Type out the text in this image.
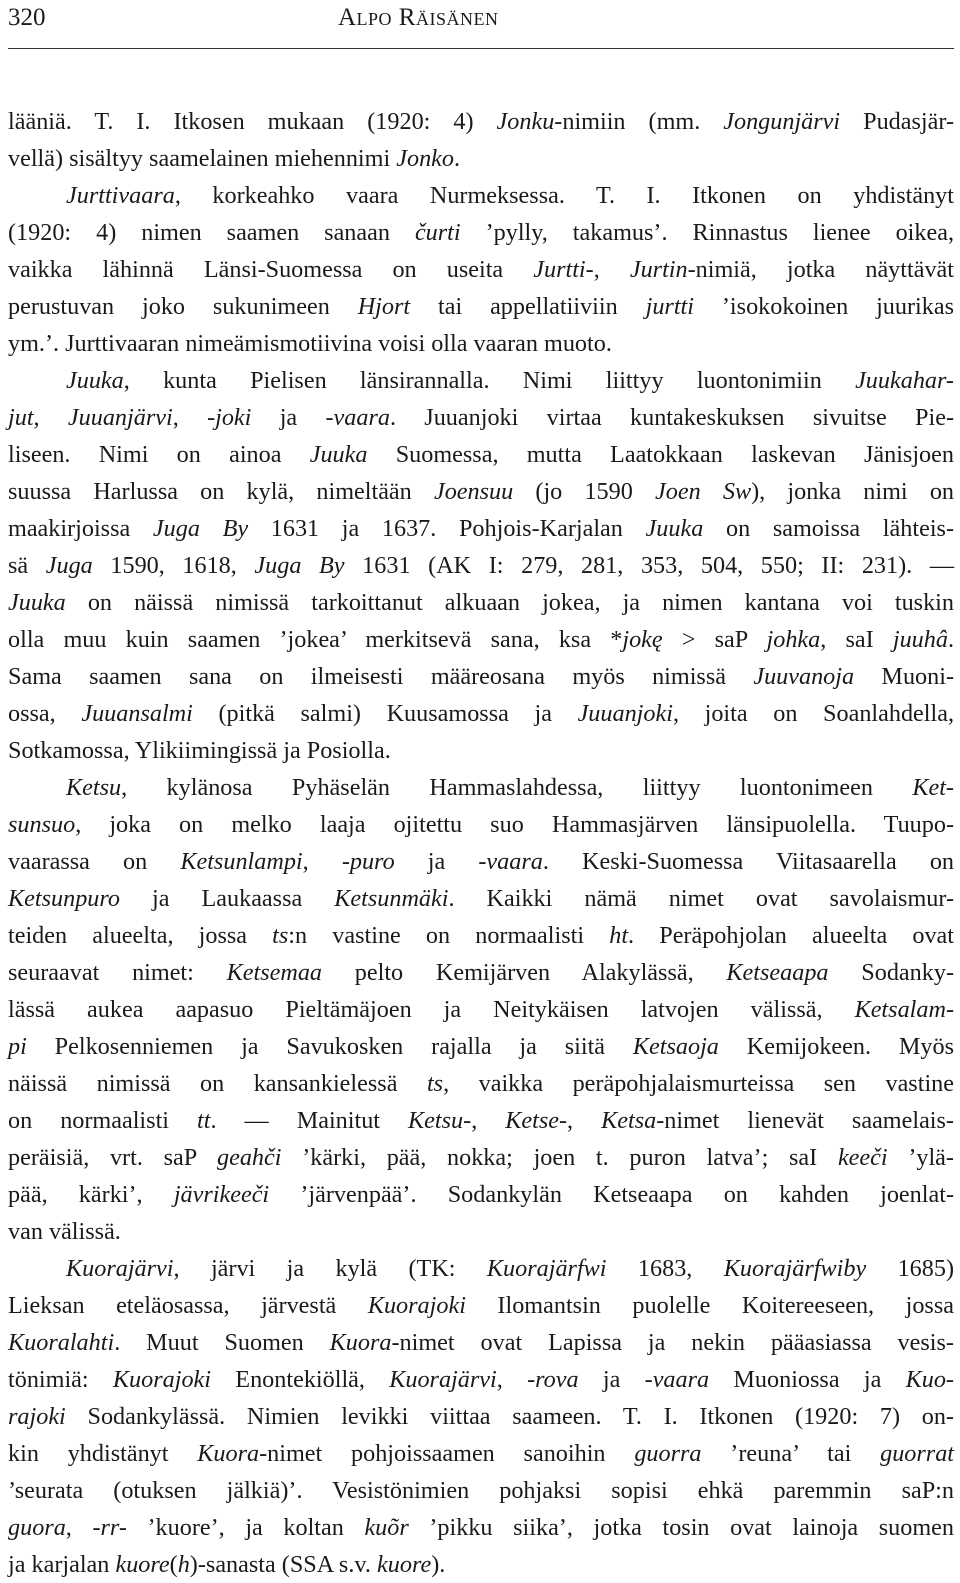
320	Alpo Räisänen
lääniä. T. I. Itkosen mukaan (1920: 4) Jonku-nimiin (mm. Jongunjärvi Pudasjär-
vellä) sisältyy saamelainen miehennimi Jonko.
Jurttivaara, korkeahko vaara Nurmeksessa. T. I. Itkonen on yhdistänyt
(1920: 4) nimen saamen sanaan čurti ’pylly, takamus’. Rinnastus lienee oikea,
vaikka lähinnä Länsi-Suomessa on useita Jurtti-, Jurtin-nimiä, jotka näyttävät
perustuvan joko sukunimeen Hjort tai appellatiiviin jurtti ’isokokoinen juurikas
ym.’. Jurttivaaran nimeämismotiivina voisi olla vaaran muoto.
Juuka, kunta Pielisen länsirannalla. Nimi liittyy luontonimiin Juukahar-
jut, Juuanjärvi, -joki ja -vaara. Juuanjoki virtaa kuntakeskuksen sivuitse Pie-
liseen. Nimi on ainoa Juuka Suomessa, mutta Laatokkaan laskevan Jänisjoen
suussa Harlussa on kylä, nimeltään Joensuu (jo 1590 Joen Sw), jonka nimi on
maakirjoissa Juga By 1631 ja 1637. Pohjois-Karjalan Juuka on samoissa lähteis-
sä Juga 1590, 1618, Juga By 1631 (AK I: 279, 281, 353, 504, 550; II: 231). —
Juuka on näissä nimissä tarkoittanut alkuaan jokea, ja nimen kantana voi tuskin
olla muu kuin saamen ’jokea’ merkitsevä sana, ksa *jokę > saP johka, saI juuhâ.
Sama saamen sana on ilmeisesti määreosana myös nimissä Juuvanoja Muoni-
ossa, Juuansalmi (pitkä salmi) Kuusamossa ja Juuanjoki, joita on Soanlahdella,
Sotkamossa, Ylikiimingissä ja Posiolla.
Ketsu, kylänosa Pyhäselän Hammaslahdessa, liittyy luontonimeen Ket-
sunsuo, joka on melko laaja ojitettu suo Hammasjärven länsipuolella. Tuupo-
vaarassa on Ketsunlampi, -puro ja -vaara. Keski-Suomessa Viitasaarella on
Ketsunpuro ja Laukaassa Ketsunmäki. Kaikki nämä nimet ovat savolaismur-
teiden alueelta, jossa ts:n vastine on normaalisti ht. Peräpohjolan alueelta ovat
seuraavat nimet: Ketsemaa pelto Kemijärven Alakylässä, Ketseaapa Sodanky-
lässä aukea aapasuo Pieltämäjoen ja Neitykäisen latvojen välissä, Ketsalam-
pi Pelkosenniemen ja Savukosken rajalla ja siitä Ketsaoja Kemijokeen. Myös
näissä nimissä on kansankielessä ts, vaikka peräpohjalaismurteissa sen vastine
on normaalisti tt. — Mainitut Ketsu-, Ketse-, Ketsa-nimet lienevät saamelais-
peräisiä, vrt. saP geahči ’kärki, pää, nokka; joen t. puron latva’; saI keeči ’ylä-
pää, kärki’, jävrikeeči ’järvenpää’. Sodankylän Ketseaapa on kahden joenlat-
van välissä.
Kuorajärvi, järvi ja kylä (TK: Kuorajärfwi 1683, Kuorajärfwiby 1685)
Lieksan eteläosassa, järvestä Kuorajoki Ilomantsin puolelle Koitereeseen, jossa
Kuoralahti. Muut Suomen Kuora-nimet ovat Lapissa ja nekin pääasiassa vesis-
tönimiä: Kuorajoki Enontekiöllä, Kuorajärvi, -rova ja -vaara Muoniossa ja Kuo-
rajoki Sodankylässä. Nimien levikki viittaa saameen. T. I. Itkonen (1920: 7) on-
kin yhdistänyt Kuora-nimet pohjoissaamen sanoihin guorra ’reuna’ tai guorrat
’seurata (otuksen jälkiä)’. Vesistönimien pohjaksi sopisi ehkä paremmin saP:n
guora, -rr- ’kuore’, ja koltan kuõr ’pikku siika’, jotka tosin ovat lainoja suomen
ja karjalan kuore(h)-sanasta (SSA s.v. kuore).
